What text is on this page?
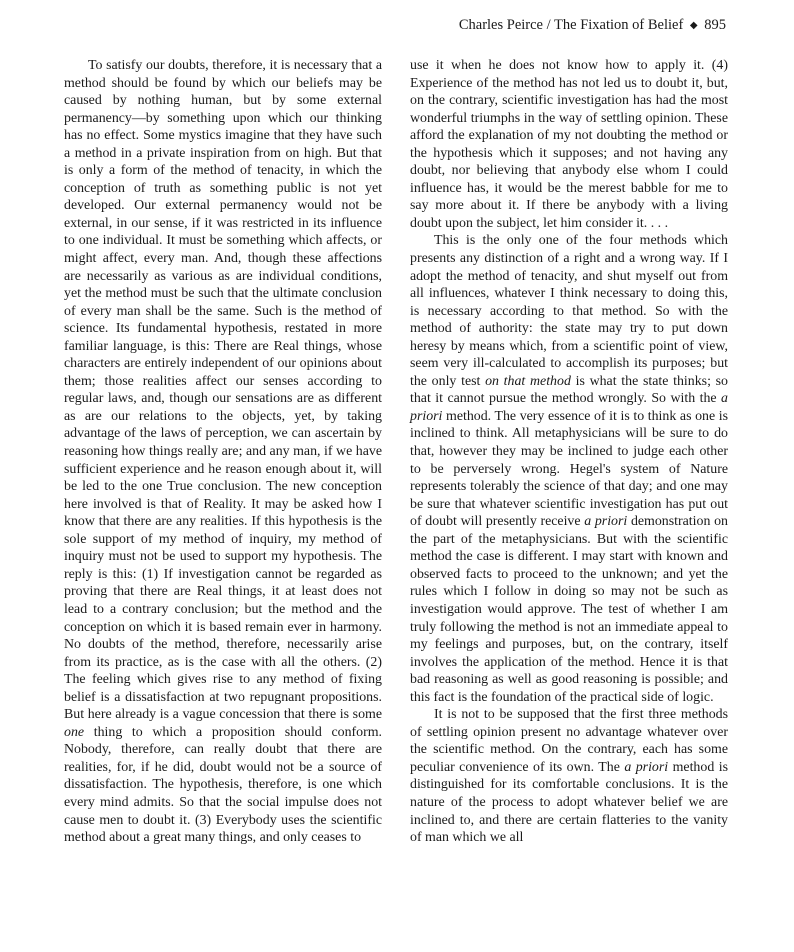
Charles Peirce / The Fixation of Belief ◆ 895

To satisfy our doubts, therefore, it is necessary that a method should be found by which our beliefs may be caused by nothing human, but by some external permanency—by something upon which our thinking has no effect. Some mystics imagine that they have such a method in a private inspiration from on high. But that is only a form of the method of tenacity, in which the conception of truth as something public is not yet developed. Our external permanency would not be external, in our sense, if it was restricted in its influence to one individual. It must be something which affects, or might affect, every man. And, though these affections are necessarily as various as are individual conditions, yet the method must be such that the ultimate conclusion of every man shall be the same. Such is the method of science. Its fundamental hypothesis, restated in more familiar language, is this: There are Real things, whose characters are entirely independent of our opinions about them; those realities affect our senses according to regular laws, and, though our sensations are as different as are our relations to the objects, yet, by taking advantage of the laws of perception, we can ascertain by reasoning how things really are; and any man, if we have sufficient experience and he reason enough about it, will be led to the one True conclusion. The new conception here involved is that of Reality. It may be asked how I know that there are any realities. If this hypothesis is the sole support of my method of inquiry, my method of inquiry must not be used to support my hypothesis. The reply is this: (1) If investigation cannot be regarded as proving that there are Real things, it at least does not lead to a contrary conclusion; but the method and the conception on which it is based remain ever in harmony. No doubts of the method, therefore, necessarily arise from its practice, as is the case with all the others. (2) The feeling which gives rise to any method of fixing belief is a dissatisfaction at two repugnant propositions. But here already is a vague concession that there is some one thing to which a proposition should conform. Nobody, therefore, can really doubt that there are realities, for, if he did, doubt would not be a source of dissatisfaction. The hypothesis, therefore, is one which every mind admits. So that the social impulse does not cause men to doubt it. (3) Everybody uses the scientific method about a great many things, and only ceases to

use it when he does not know how to apply it. (4) Experience of the method has not led us to doubt it, but, on the contrary, scientific investigation has had the most wonderful triumphs in the way of settling opinion. These afford the explanation of my not doubting the method or the hypothesis which it supposes; and not having any doubt, nor believing that anybody else whom I could influence has, it would be the merest babble for me to say more about it. If there be anybody with a living doubt upon the subject, let him consider it. . . .

This is the only one of the four methods which presents any distinction of a right and a wrong way. If I adopt the method of tenacity, and shut myself out from all influences, whatever I think necessary to doing this, is necessary according to that method. So with the method of authority: the state may try to put down heresy by means which, from a scientific point of view, seem very ill-calculated to accomplish its purposes; but the only test on that method is what the state thinks; so that it cannot pursue the method wrongly. So with the a priori method. The very essence of it is to think as one is inclined to think. All metaphysicians will be sure to do that, however they may be inclined to judge each other to be perversely wrong. Hegel's system of Nature represents tolerably the science of that day; and one may be sure that whatever scientific investigation has put out of doubt will presently receive a priori demonstration on the part of the metaphysicians. But with the scientific method the case is different. I may start with known and observed facts to proceed to the unknown; and yet the rules which I follow in doing so may not be such as investigation would approve. The test of whether I am truly following the method is not an immediate appeal to my feelings and purposes, but, on the contrary, itself involves the application of the method. Hence it is that bad reasoning as well as good reasoning is possible; and this fact is the foundation of the practical side of logic.

It is not to be supposed that the first three methods of settling opinion present no advantage whatever over the scientific method. On the contrary, each has some peculiar convenience of its own. The a priori method is distinguished for its comfortable conclusions. It is the nature of the process to adopt whatever belief we are inclined to, and there are certain flatteries to the vanity of man which we all
